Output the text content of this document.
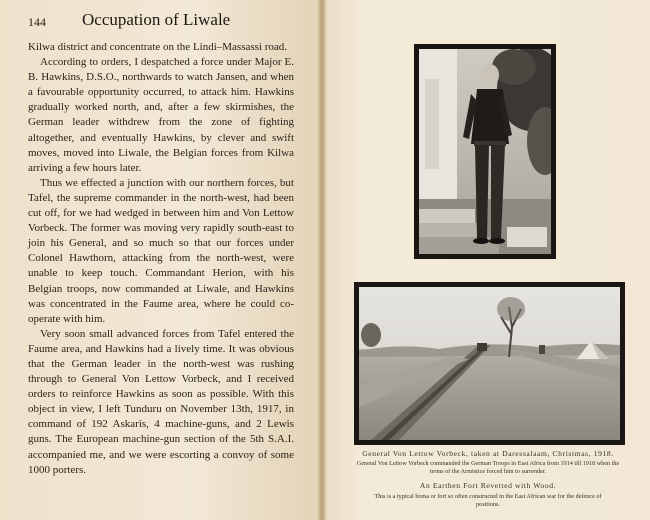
144 Occupation of Liwale

Kilwa district and concentrate on the Lindi–Massassi road.

According to orders, I despatched a force under Major E. B. Hawkins, D.S.O., northwards to watch Jansen, and when a favourable opportunity occurred, to attack him. Hawkins gradually worked north, and, after a few skirmishes, the German leader withdrew from the zone of fighting altogether, and eventually Hawkins, by clever and swift moves, moved into Liwale, the Belgian forces from Kilwa arriving a few hours later.

Thus we effected a junction with our northern forces, but Tafel, the supreme commander in the north-west, had been cut off, for we had wedged in between him and Von Lettow Vorbeck. The former was moving very rapidly south-east to join his General, and so much so that our forces under Colonel Hawthorn, attacking from the north-west, were unable to keep touch. Commandant Herion, with his Belgian troops, now commanded at Liwale, and Hawkins was concentrated in the Faume area, where he could co-operate with him.

Very soon small advanced forces from Tafel entered the Faume area, and Hawkins had a lively time. It was obvious that the German leader in the north-west was rushing through to General Von Lettow Vorbeck, and I received orders to reinforce Hawkins as soon as possible. With this object in view, I left Tunduru on November 13th, 1917, in command of 192 Askaris, 4 machine-guns, and 2 Lewis guns. The European machine-gun section of the 5th S.A.I. accompanied me, and we were escorting a convoy of some 1000 porters.

General Von Lettow Vorbeck, taken at Daressalaam, Christmas, 1918.
General Von Lettow Vorbeck commanded the German Troops in East Africa from 1914 till 1918 when the terms of the Armistice forced him to surrender.
An Earthen Fort Revetted with Wood.
This is a typical boma or fort so often constructed in the East African war for the defence of positions.
